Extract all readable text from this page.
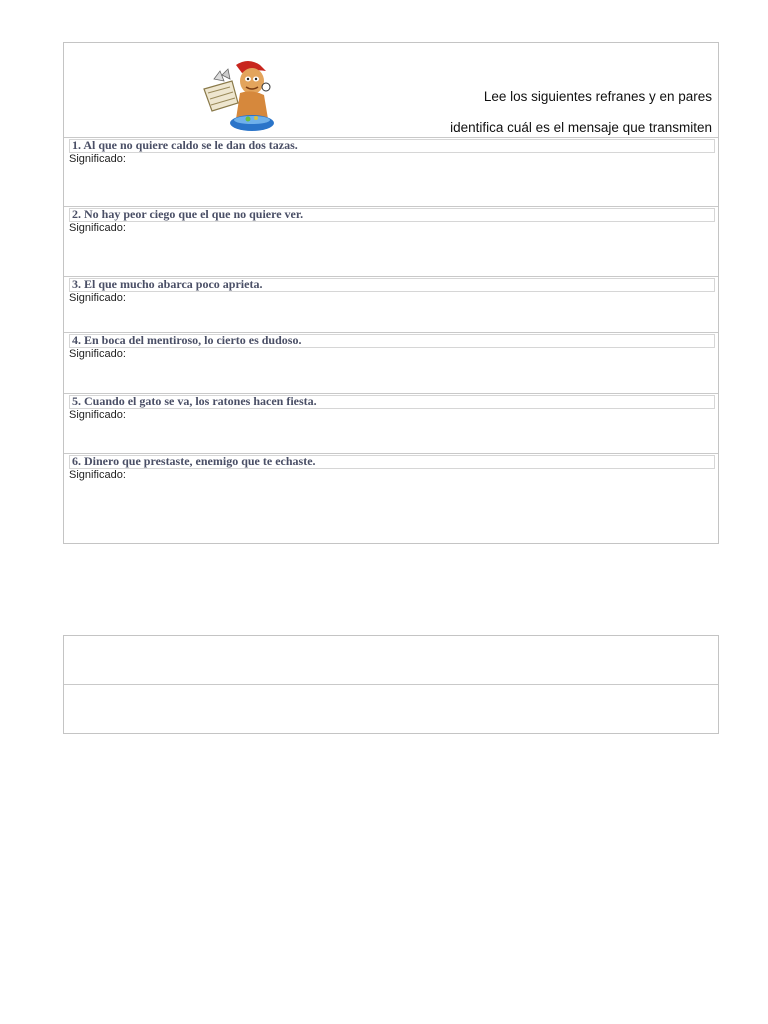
Lee los siguientes refranes y en pares
identifica cuál es el mensaje que transmiten
1. Al que no quiere caldo se le dan dos tazas.
Significado:
2. No hay peor ciego que el que no quiere ver.
Significado:
3. El que mucho abarca poco aprieta.
Significado:
4. En boca del mentiroso, lo cierto es dudoso.
Significado:
5. Cuando el gato se va, los ratones hacen fiesta.
Significado:
6. Dinero que prestaste, enemigo que te echaste.
Significado:
